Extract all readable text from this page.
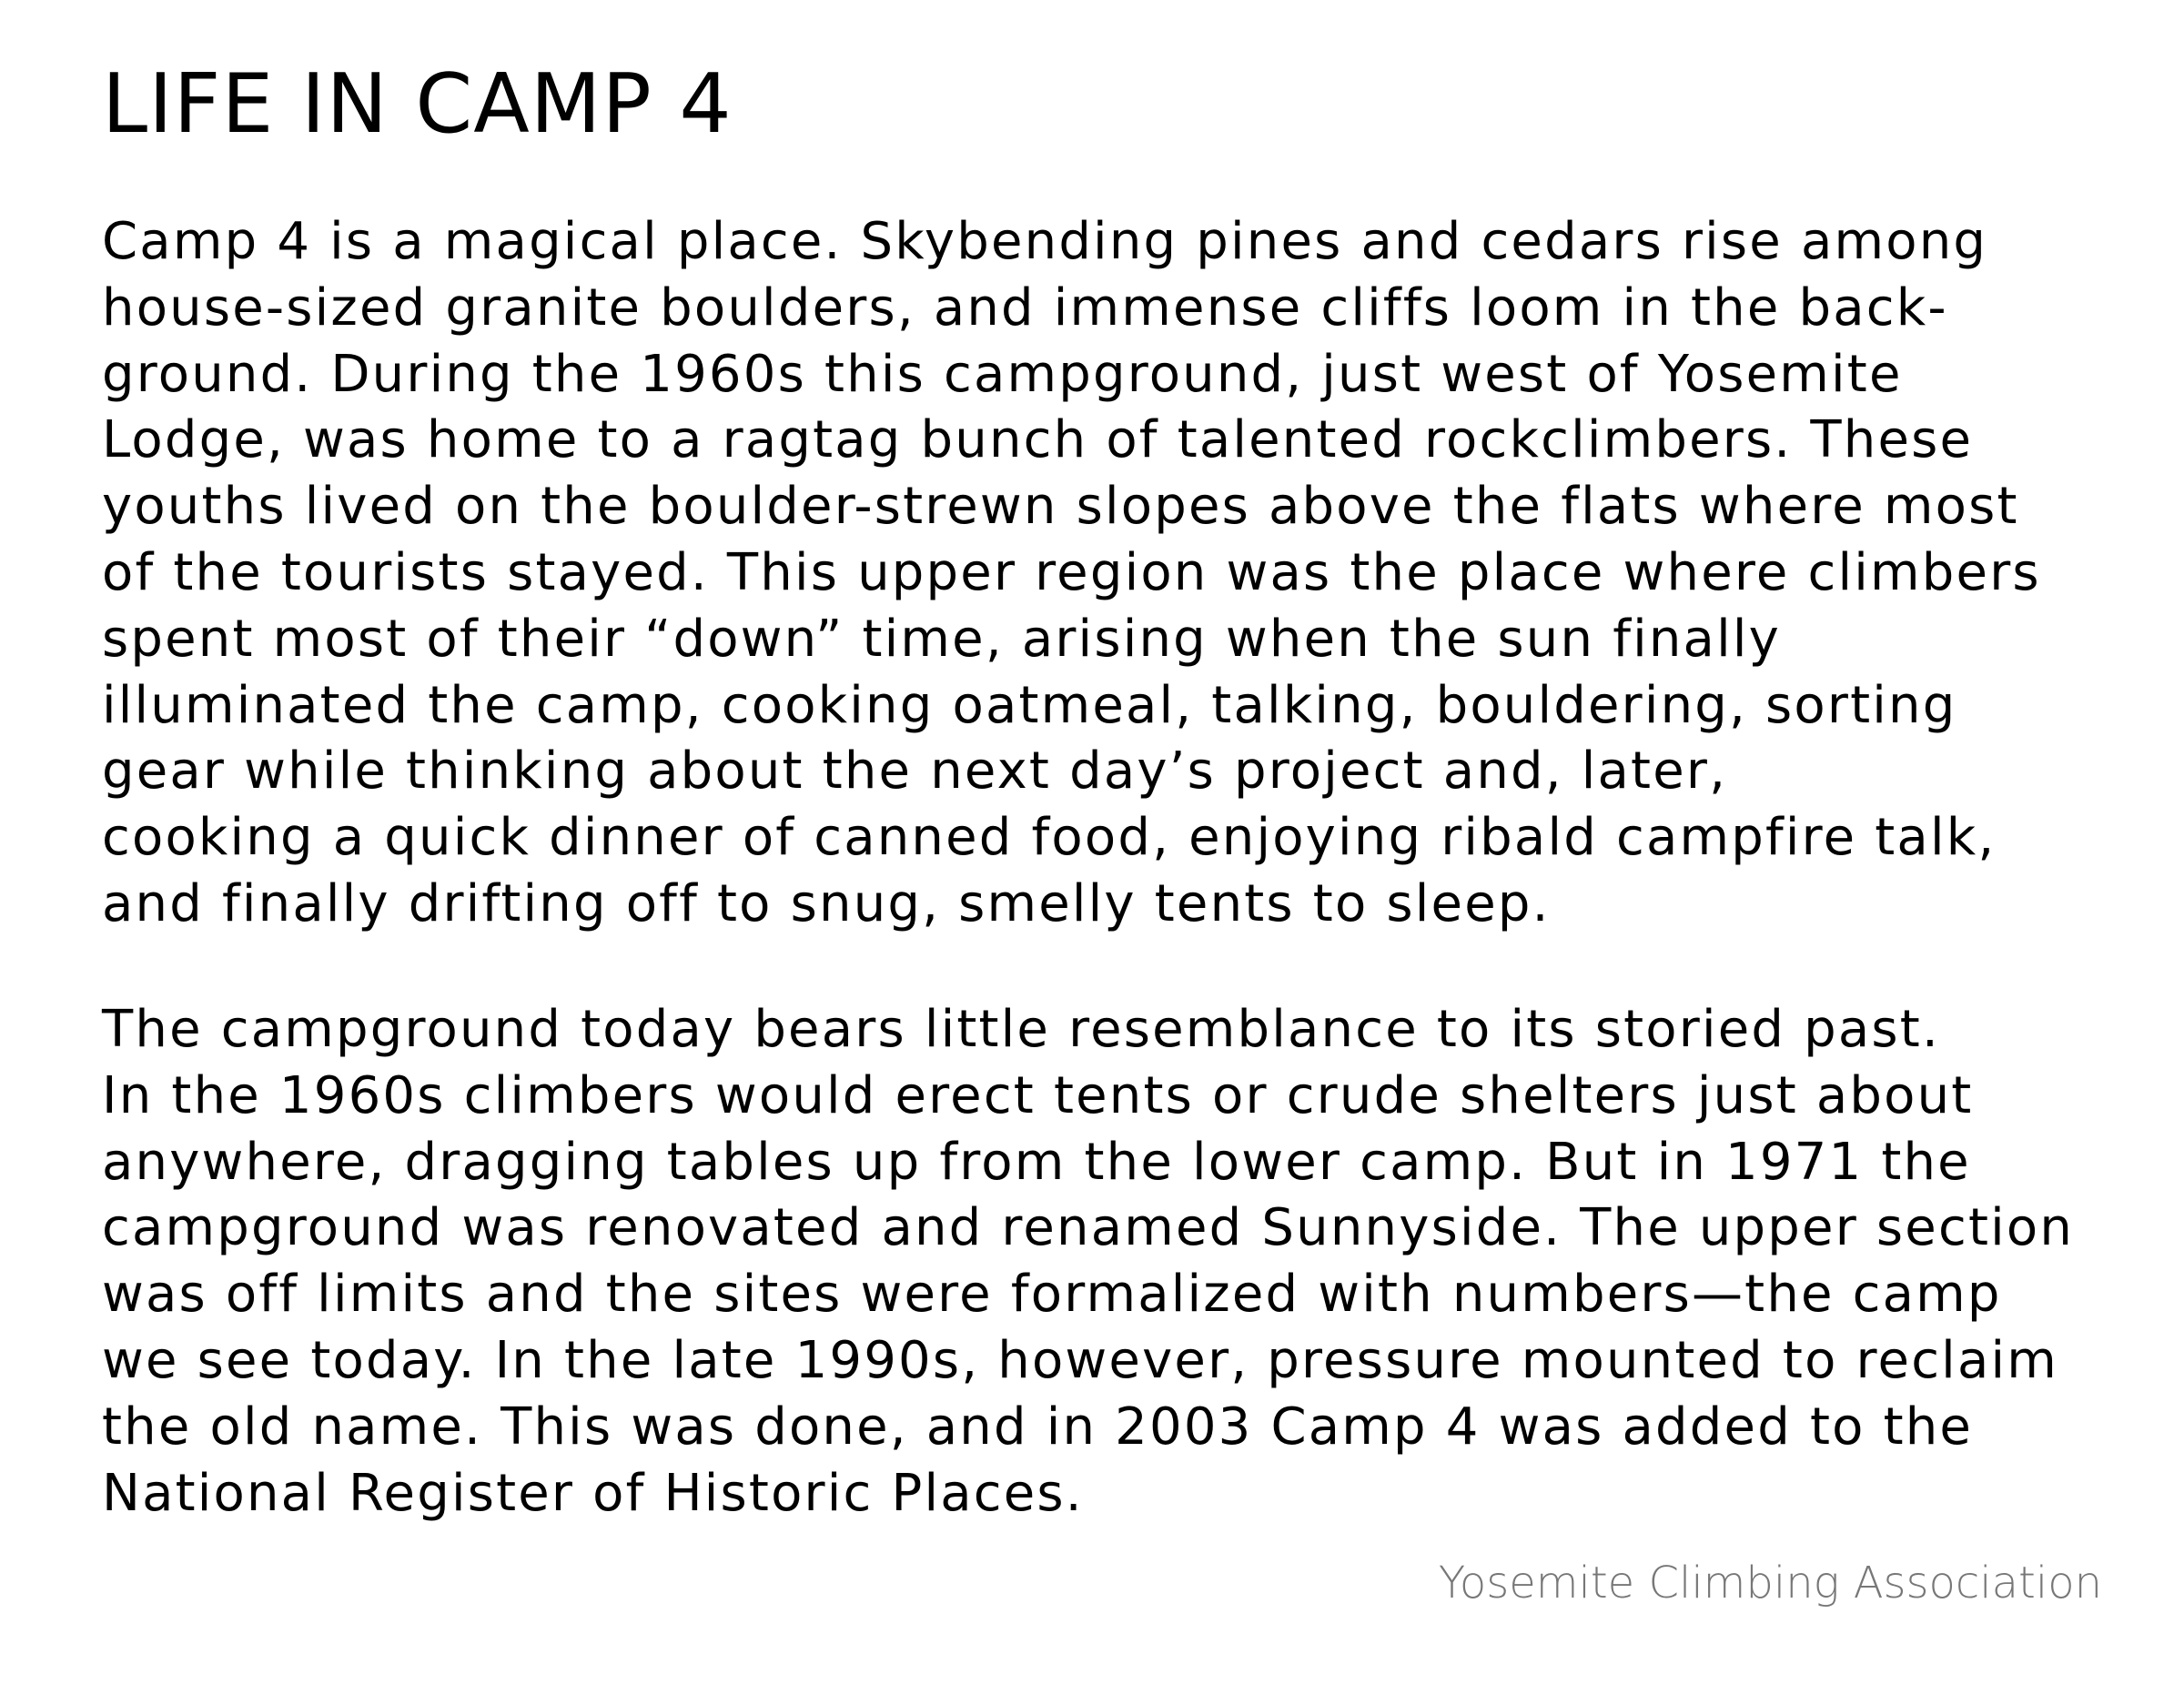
LIFE IN CAMP 4
Camp 4 is a magical place. Skybending pines and cedars rise among
house-sized granite boulders, and immense cliffs loom in the back-
ground. During the 1960s this campground, just west of Yosemite
Lodge, was home to a ragtag bunch of talented rockclimbers. These
youths lived on the boulder-strewn slopes above the flats where most
of the tourists stayed. This upper region was the place where climbers
spent most of their “down” time, arising when the sun finally
illuminated the camp, cooking oatmeal, talking, bouldering, sorting
gear while thinking about the next day’s project and, later,
cooking a quick dinner of canned food, enjoying ribald campfire talk,
and finally drifting off to snug, smelly tents to sleep.
The campground today bears little resemblance to its storied past.
In the 1960s climbers would erect tents or crude shelters just about
anywhere, dragging tables up from the lower camp. But in 1971 the
campground was renovated and renamed Sunnyside. The upper section
was off limits and the sites were formalized with numbers—the camp
we see today. In the late 1990s, however, pressure mounted to reclaim
the old name. This was done, and in 2003 Camp 4 was added to the
National Register of Historic Places.
Yosemite Climbing Association
